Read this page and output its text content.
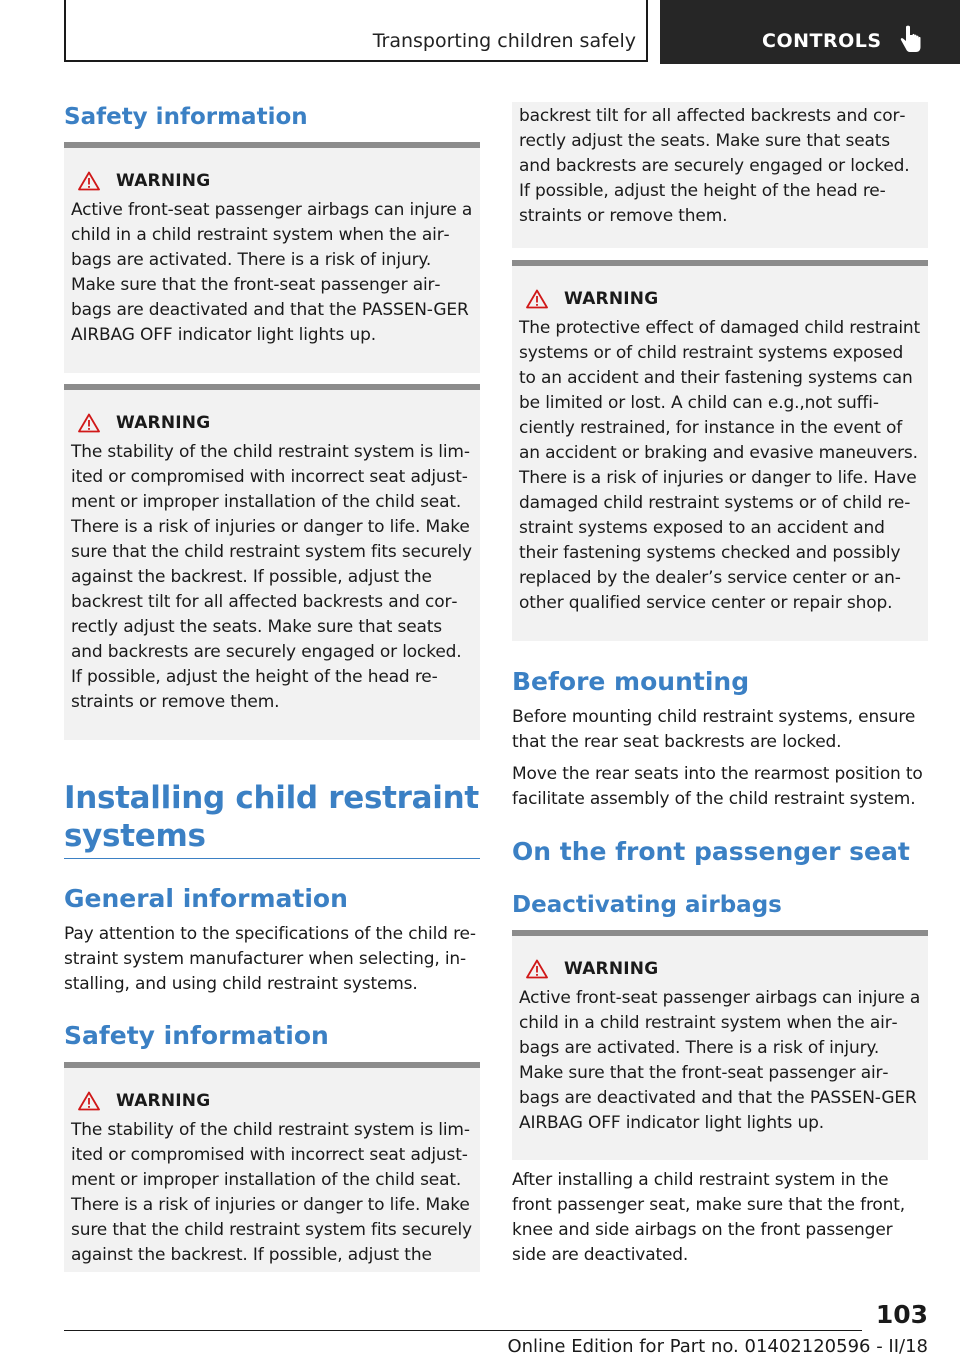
Transporting children safely	CONTROLS
Safety information
WARNING
Active front-seat passenger airbags can injure a child in a child restraint system when the air‐bags are activated. There is a risk of injury. Make sure that the front-seat passenger air‐bags are deactivated and that the PASSEN‐GER AIRBAG OFF indicator light lights up.
WARNING
The stability of the child restraint system is lim‐ited or compromised with incorrect seat adjust‐ment or improper installation of the child seat. There is a risk of injuries or danger to life. Make sure that the child restraint system fits securely against the backrest. If possible, adjust the backrest tilt for all affected backrests and cor‐rectly adjust the seats. Make sure that seats and backrests are securely engaged or locked. If possible, adjust the height of the head re‐straints or remove them.
Installing child restraint systems
General information
Pay attention to the specifications of the child re‐straint system manufacturer when selecting, in‐stalling, and using child restraint systems.
Safety information
WARNING
The stability of the child restraint system is lim‐ited or compromised with incorrect seat adjust‐ment or improper installation of the child seat. There is a risk of injuries or danger to life. Make sure that the child restraint system fits securely against the backrest. If possible, adjust the
backrest tilt for all affected backrests and cor‐rectly adjust the seats. Make sure that seats and backrests are securely engaged or locked. If possible, adjust the height of the head re‐straints or remove them.
WARNING
The protective effect of damaged child restraint systems or of child restraint systems exposed to an accident and their fastening systems can be limited or lost. A child can e.g.,not suffi‐ciently restrained, for instance in the event of an accident or braking and evasive maneuvers. There is a risk of injuries or danger to life. Have damaged child restraint systems or of child re‐straint systems exposed to an accident and their fastening systems checked and possibly replaced by the dealer’s service center or an‐other qualified service center or repair shop.
Before mounting
Before mounting child restraint systems, ensure that the rear seat backrests are locked.
Move the rear seats into the rearmost position to facilitate assembly of the child restraint system.
On the front passenger seat
Deactivating airbags
WARNING
Active front-seat passenger airbags can injure a child in a child restraint system when the air‐bags are activated. There is a risk of injury. Make sure that the front-seat passenger air‐bags are deactivated and that the PASSEN‐GER AIRBAG OFF indicator light lights up.
After installing a child restraint system in the front passenger seat, make sure that the front, knee and side airbags on the front passenger side are deactivated.
103
Online Edition for Part no. 01402120596 - II/18
